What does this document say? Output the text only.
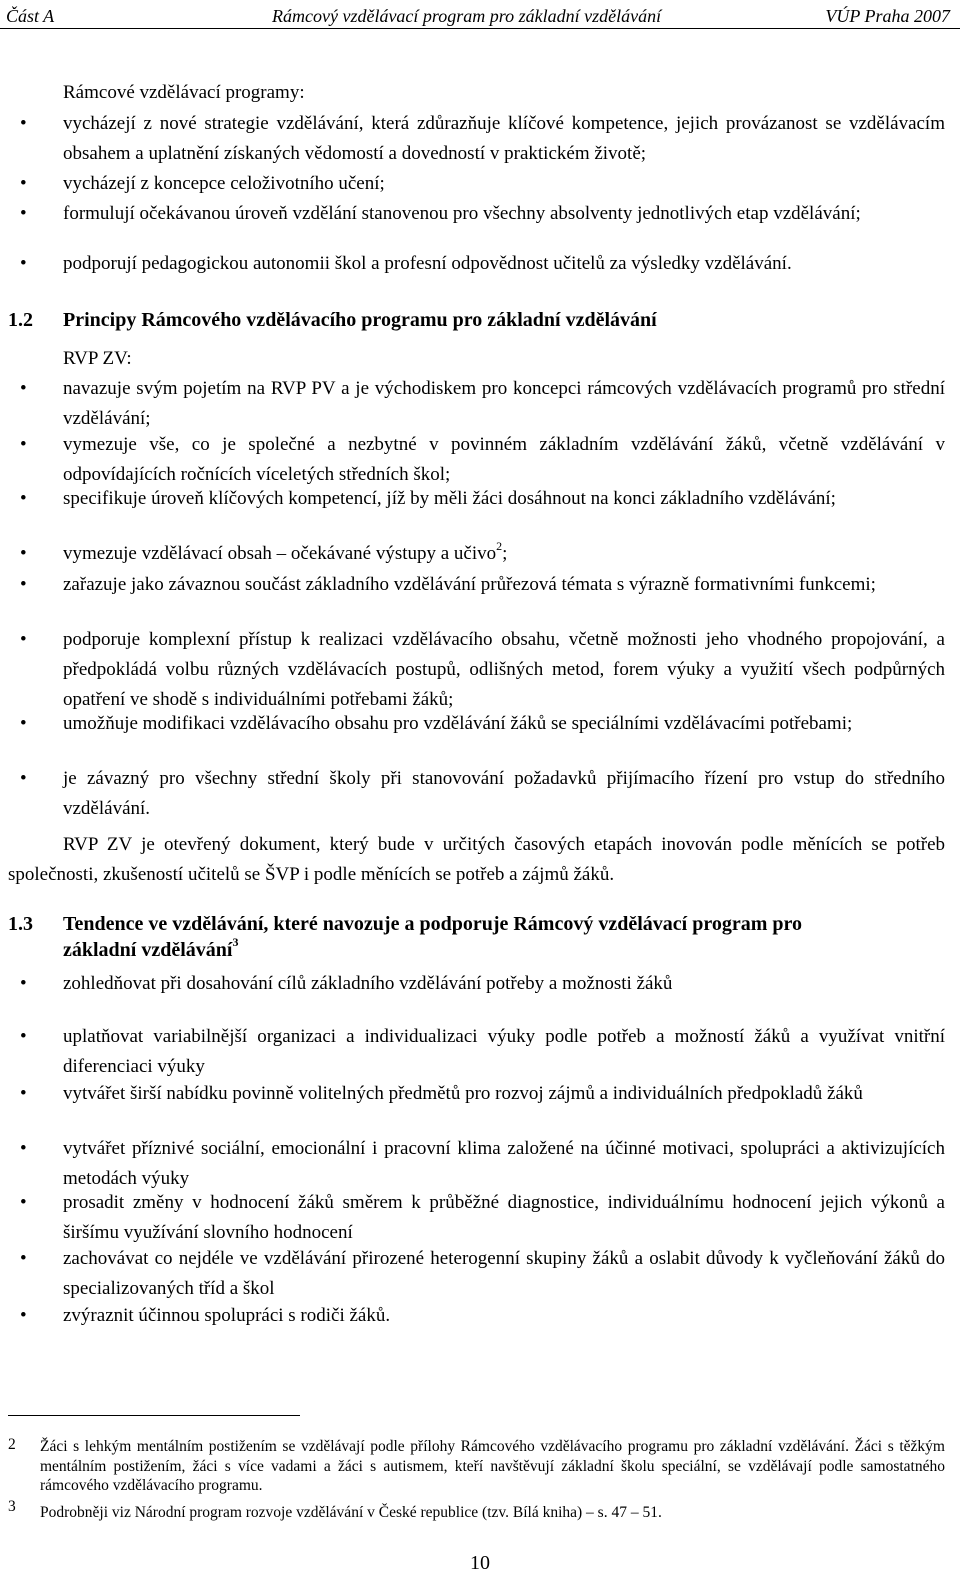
Část A	Rámcový vzdělávací program pro základní vzdělávání	VÚP Praha 2007
Rámcové vzdělávací programy:
•	vycházejí z nové strategie vzdělávání, která zdůrazňuje klíčové kompetence, jejich provázanost se vzdělávacím obsahem a uplatnění získaných vědomostí a dovedností v praktickém životě;
•	vycházejí z koncepce celoživotního učení;
•	formulují očekávanou úroveň vzdělání stanovenou pro všechny absolventy jednotlivých etap vzdělávání;
•	podporují pedagogickou autonomii škol a profesní odpovědnost učitelů za výsledky vzdělávání.
1.2 Principy Rámcového vzdělávacího programu pro základní vzdělávání
RVP ZV:
•	navazuje svým pojetím na RVP PV a je východiskem pro koncepci rámcových vzdělávacích programů pro střední vzdělávání;
•	vymezuje vše, co je společné a nezbytné v povinném základním vzdělávání žáků, včetně vzdělávání v odpovídajících ročnících víceletých středních škol;
•	specifikuje úroveň klíčových kompetencí, jíž by měli žáci dosáhnout na konci základního vzdělávání;
•	vymezuje vzdělávací obsah – očekávané výstupy a učivo$^2$;
•	zařazuje jako závaznou součást základního vzdělávání průřezová témata s výrazně formativními funkcemi;
•	podporuje komplexní přístup k realizaci vzdělávacího obsahu, včetně možnosti jeho vhodného propojování, a předpokládá volbu různých vzdělávacích postupů, odlišných metod, forem výuky a využití všech podpůrných opatření ve shodě s individuálními potřebami žáků;
•	umožňuje modifikaci vzdělávacího obsahu pro vzdělávání žáků se speciálními vzdělávacími potřebami;
•	je závazný pro všechny střední školy při stanovování požadavků přijímacího řízení pro vstup do středního vzdělávání.
RVP ZV je otevřený dokument, který bude v určitých časových etapách inovován podle měnících se potřeb společnosti, zkušeností učitelů se ŠVP i podle měnících se potřeb a zájmů žáků.
1.3 Tendence ve vzdělávání, které navozuje a podporuje Rámcový vzdělávací program pro
základní vzdělávání$^3$
•	zohledňovat při dosahování cílů základního vzdělávání potřeby a možnosti žáků
•	uplatňovat variabilnější organizaci a individualizaci výuky podle potřeb a možností žáků a využívat vnitřní diferenciaci výuky
•	vytvářet širší nabídku povinně volitelných předmětů pro rozvoj zájmů a individuálních předpokladů žáků
•	vytvářet příznivé sociální, emocionální i pracovní klima založené na účinné motivaci, spolupráci a aktivizujících metodách výuky
•	prosadit změny v hodnocení žáků směrem k průběžné diagnostice, individuálnímu hodnocení jejich výkonů a širšímu využívání slovního hodnocení
•	zachovávat co nejdéle ve vzdělávání přirozené heterogenní skupiny žáků a oslabit důvody k vyčleňování žáků do specializovaných tříd a škol
•	zvýraznit účinnou spolupráci s rodiči žáků.
2 Žáci s lehkým mentálním postižením se vzdělávají podle přílohy Rámcového vzdělávacího programu pro základní vzdělávání. Žáci s těžkým mentálním postižením, žáci s více vadami a žáci s autismem, kteří navštěvují základní školu speciální, se vzdělávají podle samostatného rámcového vzdělávacího programu.
3 Podrobněji viz Národní program rozvoje vzdělávání v České republice (tzv. Bílá kniha) – s. 47 – 51.
10
